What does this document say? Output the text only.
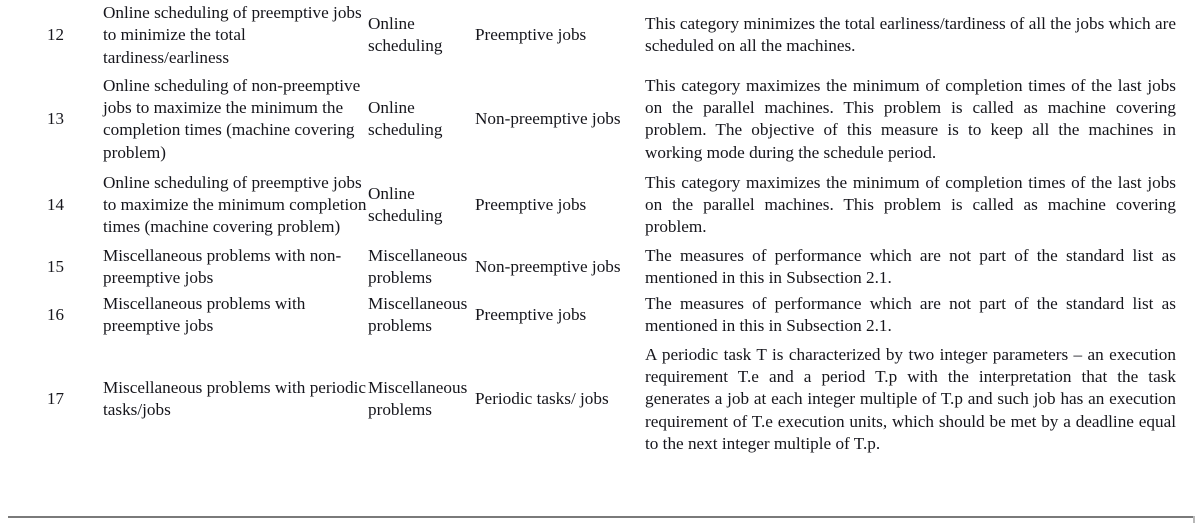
12	Online scheduling of preemptive jobs to minimize the total tardiness/earliness	Online scheduling	Preemptive jobs	This category minimizes the total earliness/tardiness of all the jobs which are scheduled on all the machines.

13	Online scheduling of non-preemptive jobs to maximize the minimum the completion times (machine covering problem)	Online scheduling	Non-preemptive jobs	This category maximizes the minimum of completion times of the last jobs on the parallel machines. This problem is called as machine covering problem. The objective of this measure is to keep all the machines in working mode during the schedule period.

14	Online scheduling of preemptive jobs to maximize the minimum completion times (machine covering problem)	Online scheduling	Preemptive jobs	This category maximizes the minimum of completion times of the last jobs on the parallel machines. This problem is called as machine covering problem.

15	Miscellaneous problems with non-preemptive jobs	Miscellaneous problems	Non-preemptive jobs	The measures of performance which are not part of the standard list as mentioned in this in Subsection 2.1.

16	Miscellaneous problems with preemptive jobs	Miscellaneous problems	Preemptive jobs	The measures of performance which are not part of the standard list as mentioned in this in Subsection 2.1.

17	Miscellaneous problems with periodic tasks/jobs	Miscellaneous problems	Periodic tasks/ jobs	A periodic task T is characterized by two integer parameters – an execution requirement T.e and a period T.p with the interpretation that the task generates a job at each integer multiple of T.p and such job has an execution requirement of T.e execution units, which should be met by a deadline equal to the next integer multiple of T.p.
